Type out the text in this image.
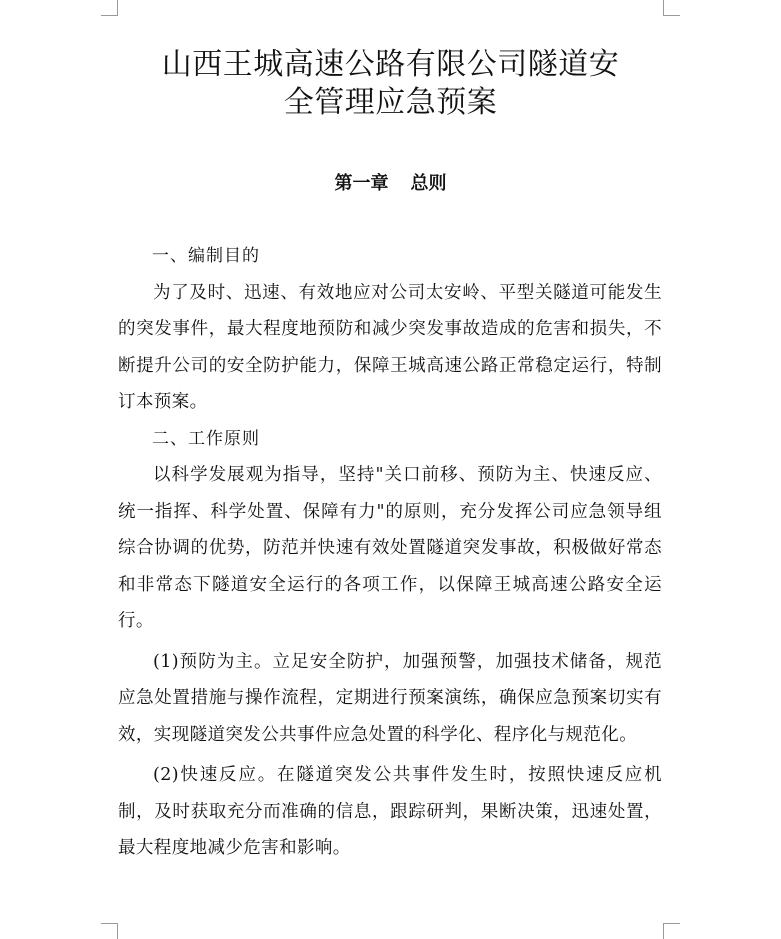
山西王城高速公路有限公司隧道安
全管理应急预案
第一章 总则

一、编制目的

为了及时、迅速、有效地应对公司太安岭、平型关隧道可能发生的突发事件，最大程度地预防和减少突发事故造成的危害和损失，不断提升公司的安全防护能力，保障王城高速公路正常稳定运行，特制订本预案。

二、工作原则

以科学发展观为指导，坚持"关口前移、预防为主、快速反应、统一指挥、科学处置、保障有力"的原则，充分发挥公司应急领导组综合协调的优势，防范并快速有效处置隧道突发事故，积极做好常态和非常态下隧道安全运行的各项工作，以保障王城高速公路安全运行。

(1)预防为主。立足安全防护，加强预警，加强技术储备，规范应急处置措施与操作流程，定期进行预案演练，确保应急预案切实有效，实现隧道突发公共事件应急处置的科学化、程序化与规范化。

(2)快速反应。在隧道突发公共事件发生时，按照快速反应机制，及时获取充分而准确的信息，跟踪研判，果断决策，迅速处置，最大程度地减少危害和影响。
